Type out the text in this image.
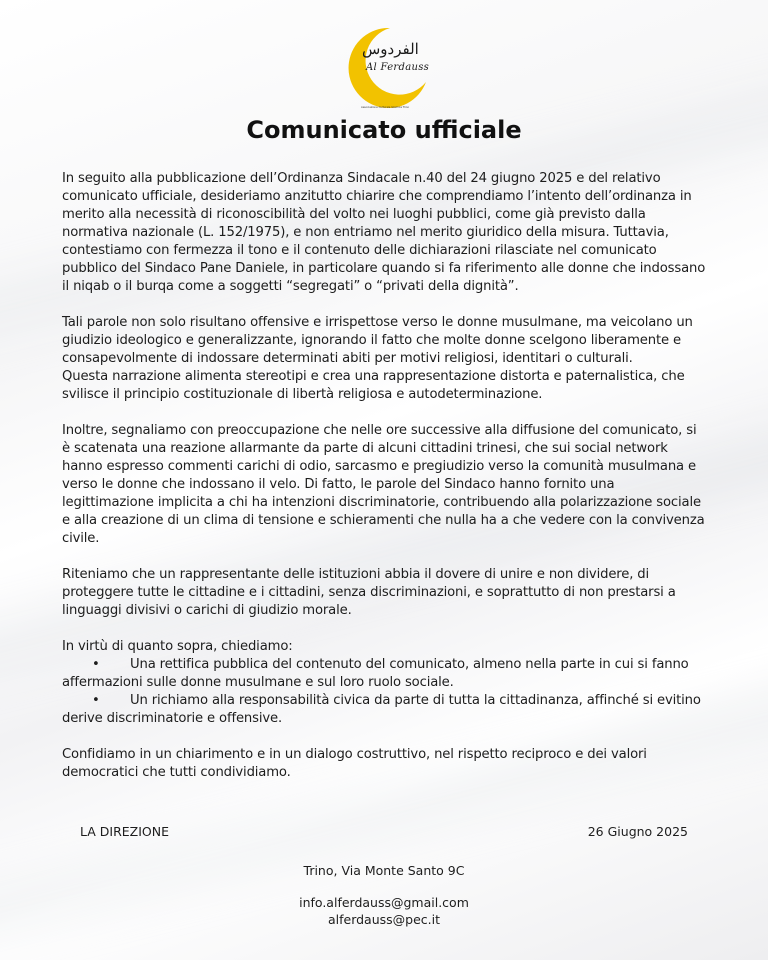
الفردوس
Al Ferdauss
Associazione Culturale Islamica Trino
Comunicato ufficiale

In seguito alla pubblicazione dell’Ordinanza Sindacale n.40 del 24 giugno 2025 e del relativo comunicato ufficiale, desideriamo anzitutto chiarire che comprendiamo l’intento dell’ordinanza in merito alla necessità di riconoscibilità del volto nei luoghi pubblici, come già previsto dalla normativa nazionale (L. 152/1975), e non entriamo nel merito giuridico della misura. Tuttavia, contestiamo con fermezza il tono e il contenuto delle dichiarazioni rilasciate nel comunicato pubblico del Sindaco Pane Daniele, in particolare quando si fa riferimento alle donne che indossano il niqab o il burqa come a soggetti “segregati” o “privati della dignità”.

Tali parole non solo risultano offensive e irrispettose verso le donne musulmane, ma veicolano un giudizio ideologico e generalizzante, ignorando il fatto che molte donne scelgono liberamente e consapevolmente di indossare determinati abiti per motivi religiosi, identitari o culturali.

Questa narrazione alimenta stereotipi e crea una rappresentazione distorta e paternalistica, che svilisce il principio costituzionale di libertà religiosa e autodeterminazione.

Inoltre, segnaliamo con preoccupazione che nelle ore successive alla diffusione del comunicato, si è scatenata una reazione allarmante da parte di alcuni cittadini trinesi, che sui social network hanno espresso commenti carichi di odio, sarcasmo e pregiudizio verso la comunità musulmana e verso le donne che indossano il velo. Di fatto, le parole del Sindaco hanno fornito una legittimazione implicita a chi ha intenzioni discriminatorie, contribuendo alla polarizzazione sociale e alla creazione di un clima di tensione e schieramenti che nulla ha a che vedere con la convivenza civile.

Riteniamo che un rappresentante delle istituzioni abbia il dovere di unire e non dividere, di proteggere tutte le cittadine e i cittadini, senza discriminazioni, e soprattutto di non prestarsi a linguaggi divisivi o carichi di giudizio morale.

In virtù di quanto sopra, chiediamo:

• Una rettifica pubblica del contenuto del comunicato, almeno nella parte in cui si fanno affermazioni sulle donne musulmane e sul loro ruolo sociale.
• Un richiamo alla responsabilità civica da parte di tutta la cittadinanza, affinché si evitino derive discriminatorie e offensive.

Confidiamo in un chiarimento e in un dialogo costruttivo, nel rispetto reciproco e dei valori democratici che tutti condividiamo.

LA DIREZIONE	26 Giugno 2025
Trino, Via Monte Santo 9C
info.alferdauss@gmail.com
alferdauss@pec.it
